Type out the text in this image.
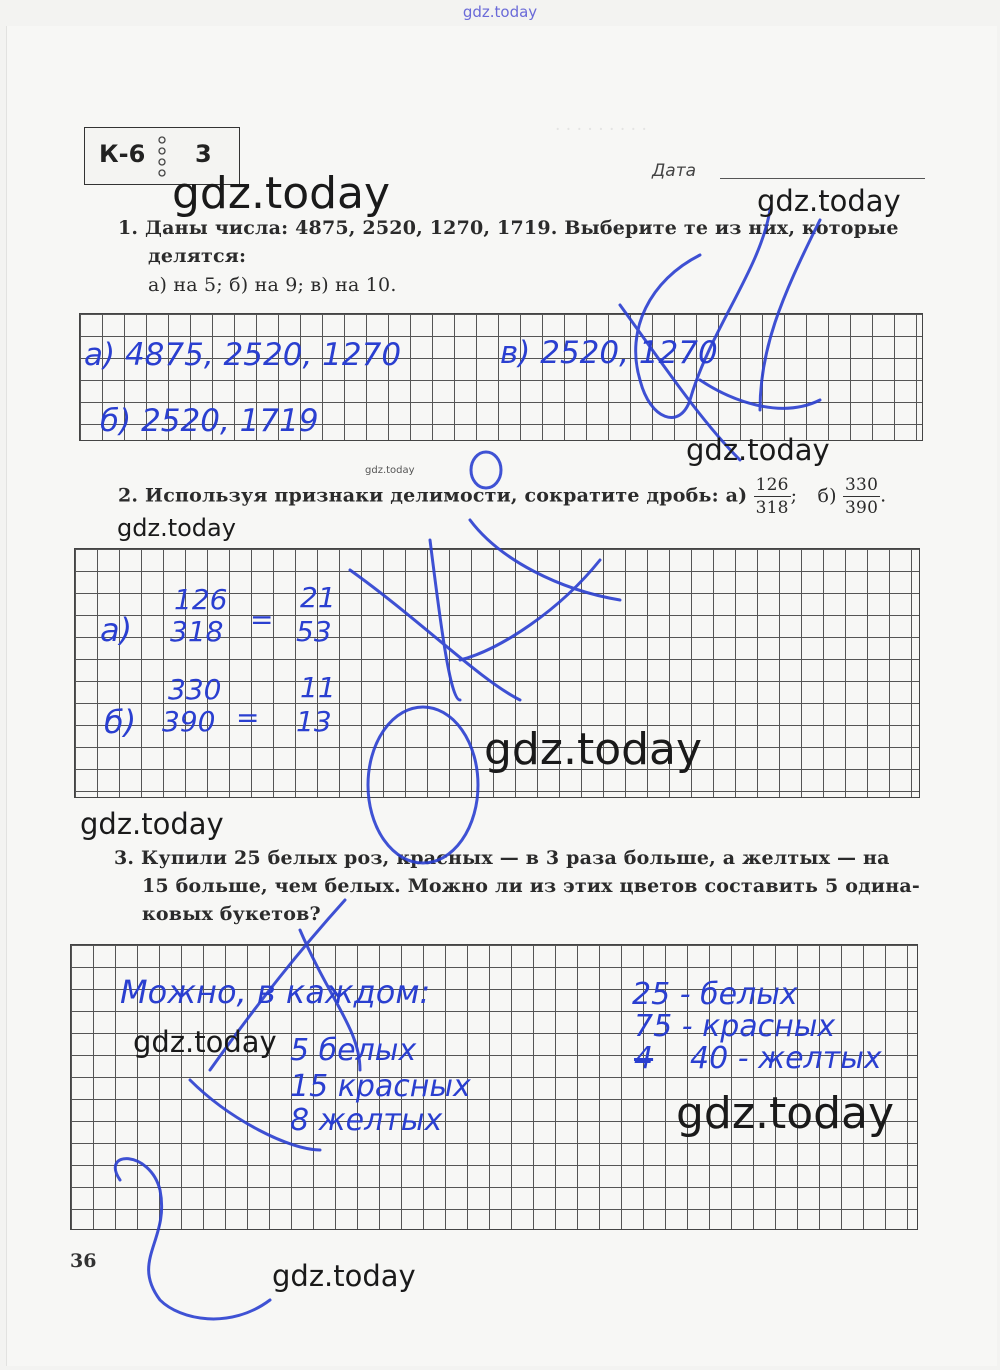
· · · · · · · · ·
gdz.today
К-6 3
Дата
1. Даны числа: 4875, 2520, 1270, 1719. Выберите те из них, которые
делятся:
а) на 5; б) на 9; в) на 10.
2. Используя признаки делимости, сократите дробь: $а) \frac{126}{318}$ ; $б) \frac{330}{390}$ .
3. Купили 25 белых роз, красных — в 3 раза больше, а желтых — на
15 больше, чем белых. Можно ли из этих цветов составить 5 одина-
ковых букетов?
36
а) 4875, 2520, 1270
б) 2520, 1719
в) 2520, 1270
а)
126
318 =
21
53
б)
330
390 =
11
13
Можно, в каждом:
5 белых
15 красных
8 желтых
25 - белых
75 - красных
4 40 - желтых
gdz.today	gdz.today
gdz.today
gdz.today
gdz.today
gdz.today
gdz.today
gdz.today
gdz.today
gdz.today
